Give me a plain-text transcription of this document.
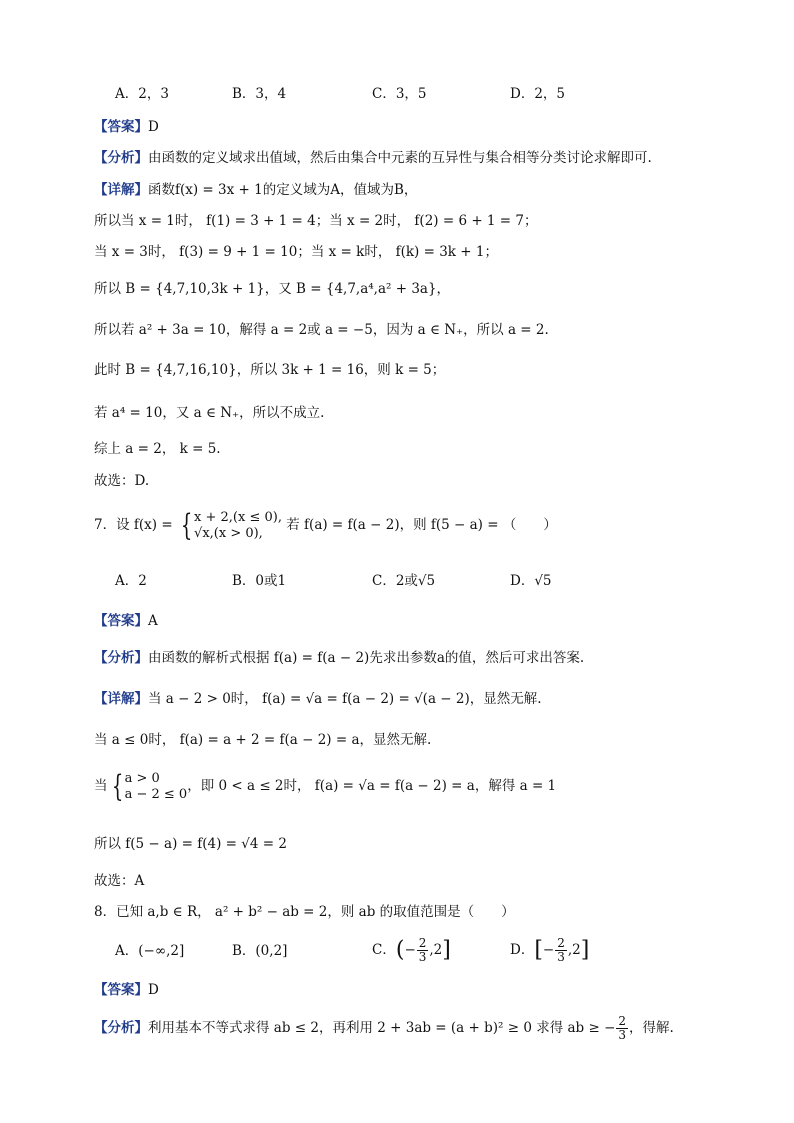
A．2，3	B．3，4	C．3，5	D．2，5
【答案】D
【分析】由函数的定义域求出值域，然后由集合中元素的互异性与集合相等分类讨论求解即可.
【详解】函数f(x) = 3x + 1的定义域为A，值域为B，
所以当 x = 1时， f(1) = 3 + 1 = 4；当 x = 2时， f(2) = 6 + 1 = 7；
当 x = 3时， f(3) = 9 + 1 = 10；当 x = k时， f(k) = 3k + 1；
所以 B = {4,7,10,3k + 1}，又 B = {4,7,a⁴,a² + 3a}，
所以若 a² + 3a = 10，解得 a = 2或 a = −5，因为 a ∈ N₊，所以 a = 2.
此时 B = {4,7,16,10}，所以 3k + 1 = 16，则 k = 5；
若 a⁴ = 10，又 a ∈ N₊，所以不成立.
综上 a = 2， k = 5.
故选：D.
7．设 f(x) = { x + 2,(x ≤ 0),
√x,(x > 0),	若 f(a) = f(a − 2)，则 f(5 − a) = （　　）
A．2	B．0或1	C．2或√5	D．√5
【答案】A
【分析】由函数的解析式根据 f(a) = f(a − 2)先求出参数a的值，然后可求出答案.
【详解】当 a − 2 > 0时， f(a) = √a = f(a − 2) = √(a − 2)，显然无解.
当 a ≤ 0时， f(a) = a + 2 = f(a − 2) = a，显然无解.
当 { a > 0
a − 2 ≤ 0 ，即 0 < a ≤ 2时， f(a) = √a = f(a − 2) = a，解得 a = 1
所以 f(5 − a) = f(4) = √4 = 2
故选：A
8．已知 a,b ∈ R， a² + b² − ab = 2，则 ab 的取值范围是（　　）
A．(−∞,2]	B．(0,2]	C．(− $\frac{2}{3} ,2$]	D．[− $\frac{2}{3} ,2$]
【答案】D
【分析】利用基本不等式求得 ab ≤ 2，再利用 2 + 3ab = (a + b)² ≥ 0 求得 ab ≥ − $\frac{2}{3}$ ，得解.
